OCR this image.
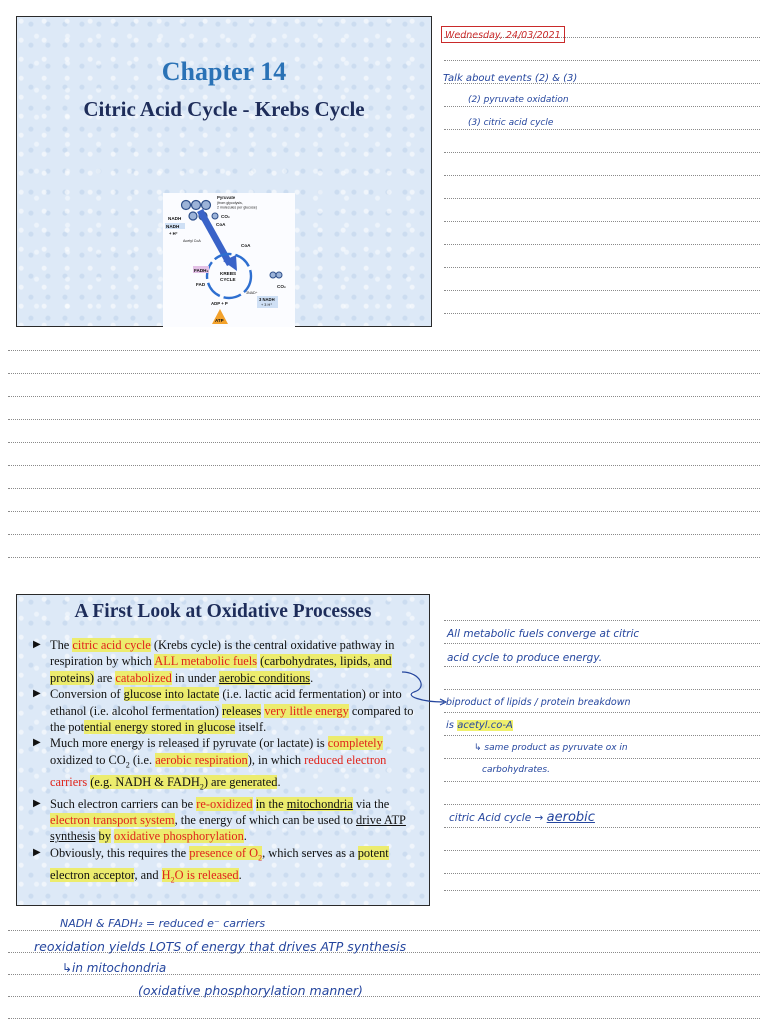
Chapter 14
Citric Acid Cycle - Krebs Cycle
Pyruvate
(from glycolysis,
2 molecules per glucose)
NADH
NADH
+ H⁺
CO₂
CoA
Acetyl CoA
CoA
KREBS
CYCLE
FADH₂
FAD	CO₂
3NAD⁺
3 NADH
+ 3 H⁺
ADP + P
ATP
A First Look at Oxidative Processes
▶ The citric acid cycle (Krebs cycle) is the central oxidative pathway in respiration by which ALL metabolic fuels (carbohydrates, lipids, and proteins) are catabolized in under aerobic conditions.
▶ Conversion of glucose into lactate (i.e. lactic acid fermentation) or into ethanol (i.e. alcohol fermentation) releases very little energy compared to the potential energy stored in glucose itself.
▶ Much more energy is released if pyruvate (or lactate) is completely oxidized to $CO_2$ (i.e. aerobic respiration), in which reduced electron carriers (e.g. NADH & $FADH_2$) are generated.
▶ Such electron carriers can be re-oxidized in the mitochondria via the electron transport system, the energy of which can be used to drive ATP synthesis by oxidative phosphorylation.
▶ Obviously, this requires the presence of $O_2$, which serves as a potent electron acceptor, and $H_2O$ is released.
Wednesday, 24/03/2021
Talk about events (2) & (3)
(2) pyruvate oxidation
(3) citric acid cycle
All metabolic fuels converge at citric
acid cycle to produce energy.
biproduct of lipids / protein breakdown
is acetyl.co-A
↳ same product as pyruvate ox in
carbohydrates.
citric Acid cycle → aerobic
NADH & FADH₂ = reduced e⁻ carriers
reoxidation yields LOTS of energy that drives ATP synthesis
↳in mitochondria
(oxidative phosphorylation manner)
